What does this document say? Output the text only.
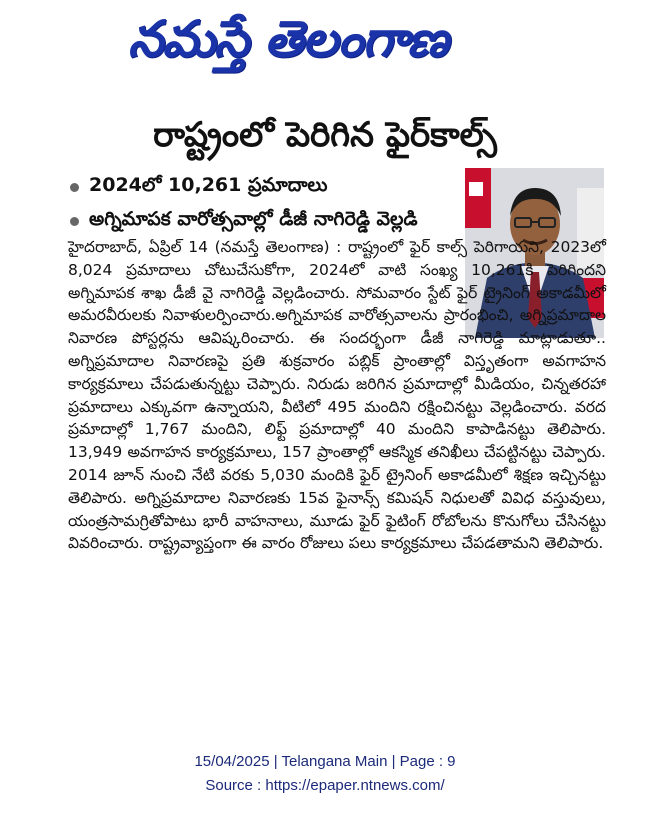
నమస్తే తెలంగాణ
రాష్ట్రంలో పెరిగిన ఫైర్‌కాల్స్
2024లో 10,261 ప్రమాదాలు
అగ్నిమాపక వారోత్సవాల్లో డీజీ నాగిరెడ్డి వెల్లడి
హైదరాబాద్, ఏప్రిల్ 14 (నమస్తే తెలంగాణ) : రాష్ట్రంలో ఫైర్ కాల్స్ పెరిగాయని, 2023లో 8,024 ప్రమాదాలు చోటుచేసుకోగా, 2024లో వాటి సంఖ్య 10,261కి పెరిగిందని అగ్నిమాపక శాఖ డీజీ వై నాగిరెడ్డి వెల్లడించారు. సోమవారం స్టేట్ ఫైర్ ట్రైనింగ్ అకాడమీలో అమరవీరులకు నివాళులర్పించారు.అగ్నిమాపక వారోత్సవాలను ప్రారంభించి, అగ్నిప్రమాదాల నివారణ పోస్టర్లను ఆవిష్కరించారు. ఈ సందర్భంగా డీజీ నాగిరెడ్డి మాట్లాడుతూ.. అగ్నిప్రమాదాల నివారణపై ప్రతి శుక్రవారం పబ్లిక్ ప్రాంతాల్లో విస్తృతంగా అవగాహన కార్యక్రమాలు చేపడుతున్నట్టు చెప్పారు. నిరుడు జరిగిన ప్రమాదాల్లో మీడియం, చిన్నతరహా ప్రమాదాలు ఎక్కువగా ఉన్నాయని, వీటిలో 495 మందిని రక్షించినట్టు వెల్లడించారు. వరద ప్రమాదాల్లో 1,767 మందిని, లిఫ్ట్ ప్రమాదాల్లో 40 మందిని కాపాడినట్టు తెలిపారు. 13,949 అవగాహన కార్యక్రమాలు, 157 ప్రాంతాల్లో ఆకస్మిక తనిఖీలు చేపట్టినట్టు చెప్పారు. 2014 జూన్ నుంచి నేటి వరకు 5,030 మందికి ఫైర్ ట్రైనింగ్ అకాడమీలో శిక్షణ ఇచ్చినట్టు తెలిపారు. అగ్నిప్రమాదాల నివారణకు 15వ ఫైనాన్స్ కమిషన్ నిధులతో వివిధ వస్తువులు, యంత్రసామగ్రితోపాటు భారీ వాహనాలు, మూడు ఫైర్ ఫైటింగ్ రోబోలను కొనుగోలు చేసినట్టు వివరించారు. రాష్ట్రవ్యాప్తంగా ఈ వారం రోజులు పలు కార్యక్రమాలు చేపడతామని తెలిపారు.
15/04/2025 | Telangana Main | Page : 9
Source : https://epaper.ntnews.com/
